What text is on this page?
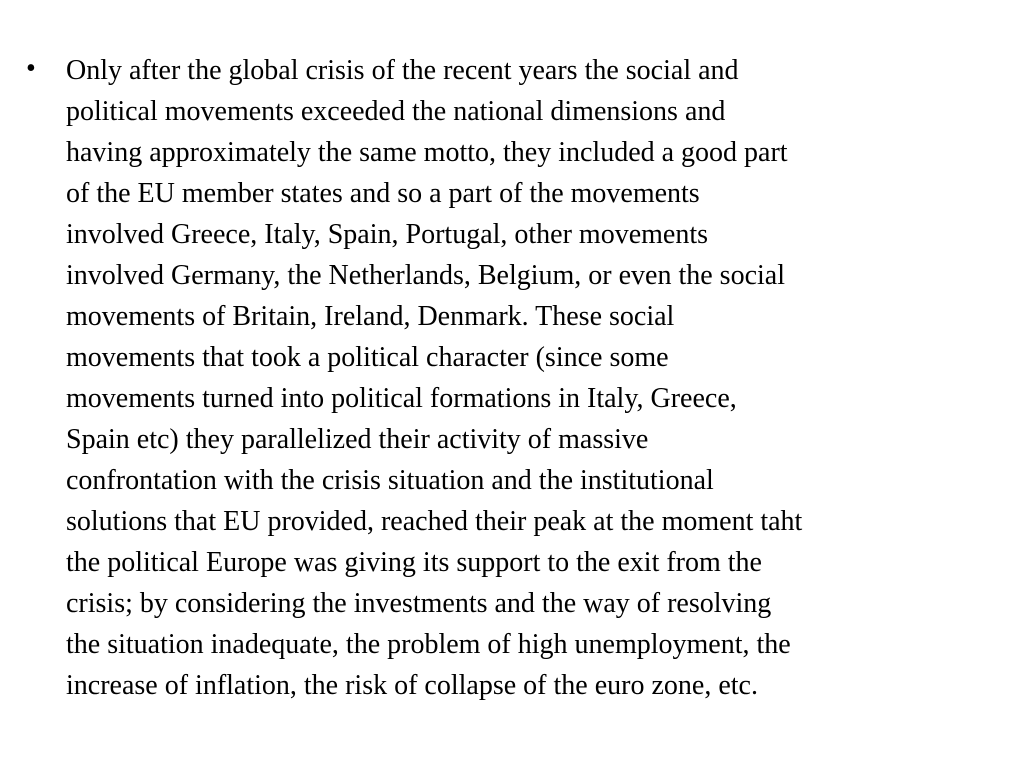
• Only after the global crisis of the recent years the social and
political movements exceeded the national dimensions and
having approximately the same motto, they included a good part
of the EU member states and so a part of the movements
involved Greece, Italy, Spain, Portugal, other movements
involved Germany, the Netherlands, Belgium, or even the social
movements of Britain, Ireland, Denmark. These social
movements that took a political character (since some
movements turned into political formations in Italy, Greece,
Spain etc) they parallelized their activity of massive
confrontation with the crisis situation and the institutional
solutions that EU provided, reached their peak at the moment taht
the political Europe was giving its support to the exit from the
crisis; by considering the investments and the way of resolving
the situation inadequate, the problem of high unemployment, the
increase of inflation, the risk of collapse of the euro zone, etc.
